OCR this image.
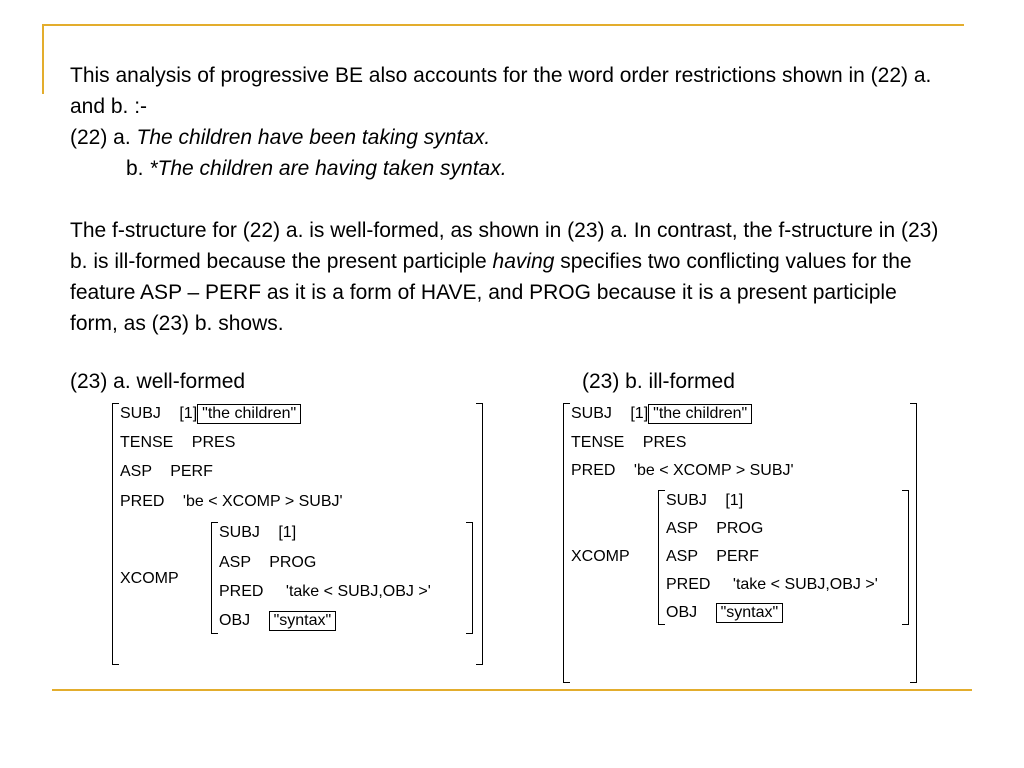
This analysis of progressive BE also accounts for the word order restrictions shown in (22) a. and b. :-

(22) a. The children have been taking syntax.

b. *The children are having taken syntax.

The f-structure for (22) a. is well-formed, as shown in (23) a. In contrast, the f-structure in (23) b. is ill-formed because the present participle having specifies two conflicting values for the feature ASP – PERF as it is a form of HAVE, and PROG because it is a present participle form, as (23) b. shows.

(23) a. well-formed	(23) b. ill-formed
SUBJ [1] "the children"
TENSE PRES
ASP PERF
PRED 'be < XCOMP > SUBJ'
XCOMP
SUBJ [1]
ASP PROG
PRED 'take < SUBJ,OBJ >'
OBJ "syntax"
SUBJ [1] "the children"
TENSE PRES
PRED 'be < XCOMP > SUBJ'
XCOMP
SUBJ [1]
ASP PROG
ASP PERF
PRED 'take < SUBJ,OBJ >'
OBJ "syntax"
